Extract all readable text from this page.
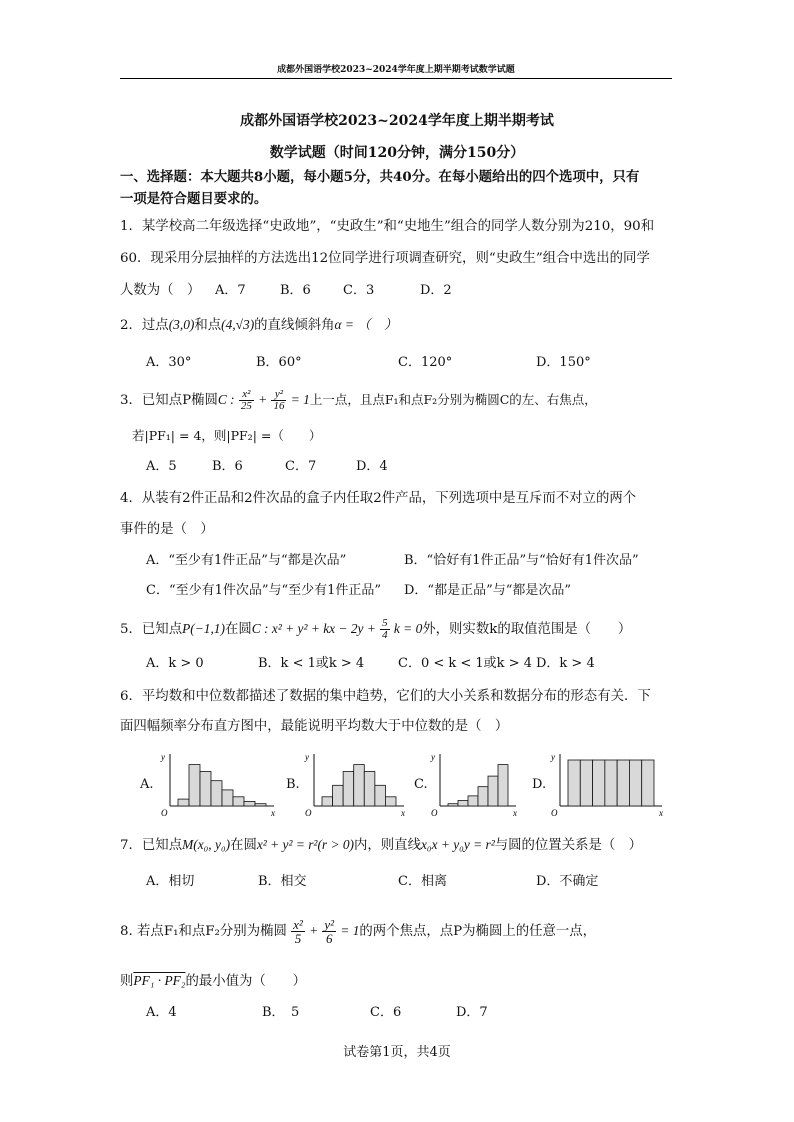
成都外国语学校2023~2024学年度上期半期考试数学试题
成都外国语学校2023~2024学年度上期半期考试
数学试题（时间120分钟，满分150分）
一、选择题：本大题共8小题，每小题5分，共40分。在每小题给出的四个选项中，只有
一项是符合题目要求的。
1．某学校高二年级选择“史政地”，“史政生”和“史地生”组合的同学人数分别为210，90和
60．现采用分层抽样的方法选出12位同学进行项调查研究，则“史政生”组合中选出的同学
人数为（　） A．7	B．6 C．3	D．2
2．过点(3,0)和点(4,√3)的直线倾斜角α = （　）
A．30°	B．60°	C．120°	D．150°
3．已知点P椭圆C : $\frac{\text{x²}}{25} + \frac{\text{y²}}{16} = 1$上一点，且点F₁和点F₂分别为椭圆C的左、右焦点，
若|PF₁| = 4，则|PF₂| =（　　）
A．5	B．6	C．7	D．4
4．从装有2件正品和2件次品的盒子内任取2件产品，下列选项中是互斥而不对立的两个
事件的是（　）
A．“至少有1件正品”与“都是次品”	B．“恰好有1件正品”与“恰好有1件次品”
C．“至少有1件次品”与“至少有1件正品” D．“都是正品”与“都是次品”
5．已知点P(−1,1)在圆C : x² + y² + kx − $2y + \frac{5}{4}$ k = 0外，则实数k的取值范围是（　　）
A．k > 0	B．k < 1或k > 4	C．0 < k < 1或k > 4 D．k > 4
6．平均数和中位数都描述了数据的集中趋势，它们的大小关系和数据分布的形态有关．下
面四幅频率分布直方图中，最能说明平均数大于中位数的是（　）
A.	B.	C.	D.
y
x
O
y
x
O
y
x
O
y
x
O
7．已知点M(x₀, y₀)在圆x² + y² = r²(r > 0)内，则直线x₀x + y₀y = r²与圆的位置关系是（　）
A．相切	B．相交	C．相离	D．不确定
8. 若点F₁和点F₂分别为椭圆 $\frac{\text{x²}}{5} + \frac{\text{y²}}{6} = 1$的两个焦点，点P为椭圆上的任意一点，
则PF₁ · PF₂的最小值为（　　）
A．4	B．　5	C．6	D．7
试卷第1页，共4页
